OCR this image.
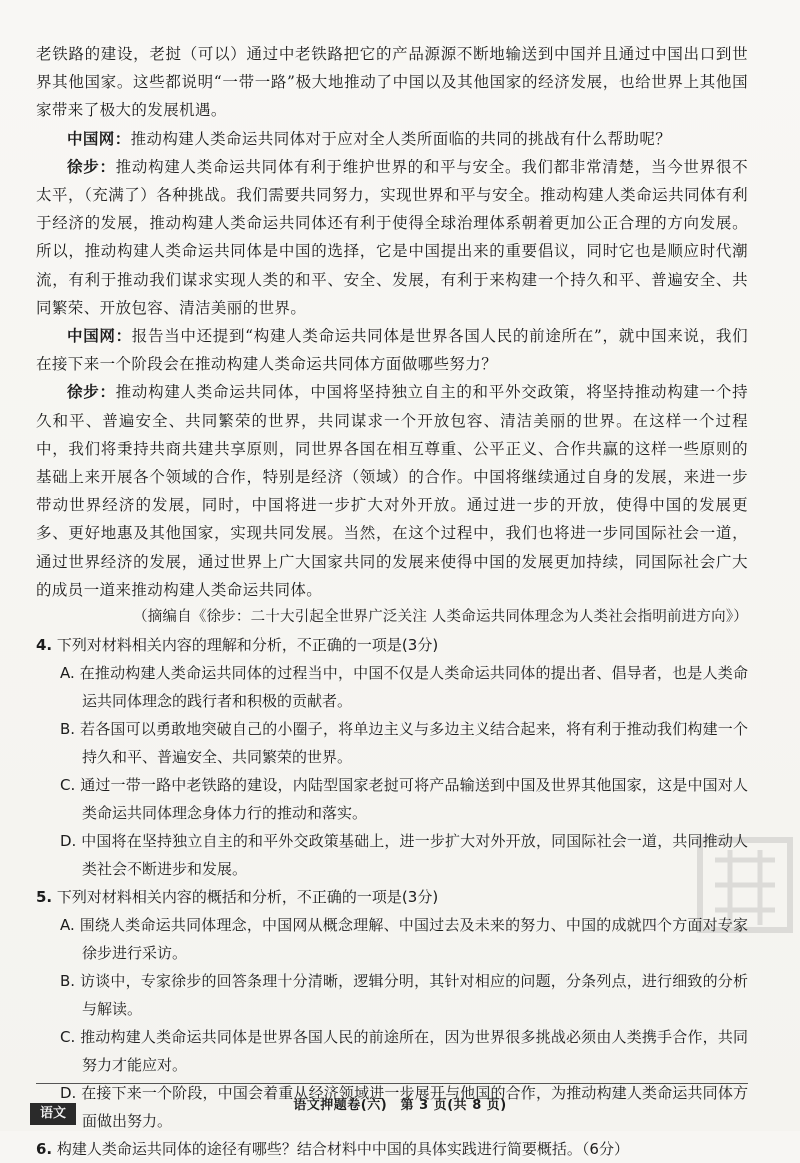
老铁路的建设，老挝（可以）通过中老铁路把它的产品源源不断地输送到中国并且通过中国出口到世界其他国家。这些都说明“一带一路”极大地推动了中国以及其他国家的经济发展，也给世界上其他国家带来了极大的发展机遇。

中国网：推动构建人类命运共同体对于应对全人类所面临的共同的挑战有什么帮助呢？

徐步：推动构建人类命运共同体有利于维护世界的和平与安全。我们都非常清楚，当今世界很不太平，（充满了）各种挑战。我们需要共同努力，实现世界和平与安全。推动构建人类命运共同体有利于经济的发展，推动构建人类命运共同体还有利于使得全球治理体系朝着更加公正合理的方向发展。所以，推动构建人类命运共同体是中国的选择，它是中国提出来的重要倡议，同时它也是顺应时代潮流，有利于推动我们谋求实现人类的和平、安全、发展，有利于来构建一个持久和平、普遍安全、共同繁荣、开放包容、清洁美丽的世界。

中国网：报告当中还提到“构建人类命运共同体是世界各国人民的前途所在”，就中国来说，我们在接下来一个阶段会在推动构建人类命运共同体方面做哪些努力？

徐步：推动构建人类命运共同体，中国将坚持独立自主的和平外交政策，将坚持推动构建一个持久和平、普遍安全、共同繁荣的世界，共同谋求一个开放包容、清洁美丽的世界。在这样一个过程中，我们将秉持共商共建共享原则，同世界各国在相互尊重、公平正义、合作共赢的这样一些原则的基础上来开展各个领域的合作，特别是经济（领域）的合作。中国将继续通过自身的发展，来进一步带动世界经济的发展，同时，中国将进一步扩大对外开放。通过进一步的开放，使得中国的发展更多、更好地惠及其他国家，实现共同发展。当然，在这个过程中，我们也将进一步同国际社会一道，通过世界经济的发展，通过世界上广大国家共同的发展来使得中国的发展更加持续，同国际社会广大的成员一道来推动构建人类命运共同体。

（摘编自《徐步：二十大引起全世界广泛关注 人类命运共同体理念为人类社会指明前进方向》）

4. 下列对材料相关内容的理解和分析，不正确的一项是(3分)

A. 在推动构建人类命运共同体的过程当中，中国不仅是人类命运共同体的提出者、倡导者，也是人类命运共同体理念的践行者和积极的贡献者。

B. 若各国可以勇敢地突破自己的小圈子，将单边主义与多边主义结合起来，将有利于推动我们构建一个持久和平、普遍安全、共同繁荣的世界。

C. 通过一带一路中老铁路的建设，内陆型国家老挝可将产品输送到中国及世界其他国家，这是中国对人类命运共同体理念身体力行的推动和落实。

D. 中国将在坚持独立自主的和平外交政策基础上，进一步扩大对外开放，同国际社会一道，共同推动人类社会不断进步和发展。

5. 下列对材料相关内容的概括和分析，不正确的一项是(3分)

A. 围绕人类命运共同体理念，中国网从概念理解、中国过去及未来的努力、中国的成就四个方面对专家徐步进行采访。

B. 访谈中，专家徐步的回答条理十分清晰，逻辑分明，其针对相应的问题，分条列点，进行细致的分析与解读。

C. 推动构建人类命运共同体是世界各国人民的前途所在，因为世界很多挑战必须由人类携手合作，共同努力才能应对。

D. 在接下来一个阶段，中国会着重从经济领域进一步展开与他国的合作，为推动构建人类命运共同体方面做出努力。

6. 构建人类命运共同体的途径有哪些？结合材料中中国的具体实践进行简要概括。（6分）

语文押题卷(六)　第 3 页(共 8 页)
语文
